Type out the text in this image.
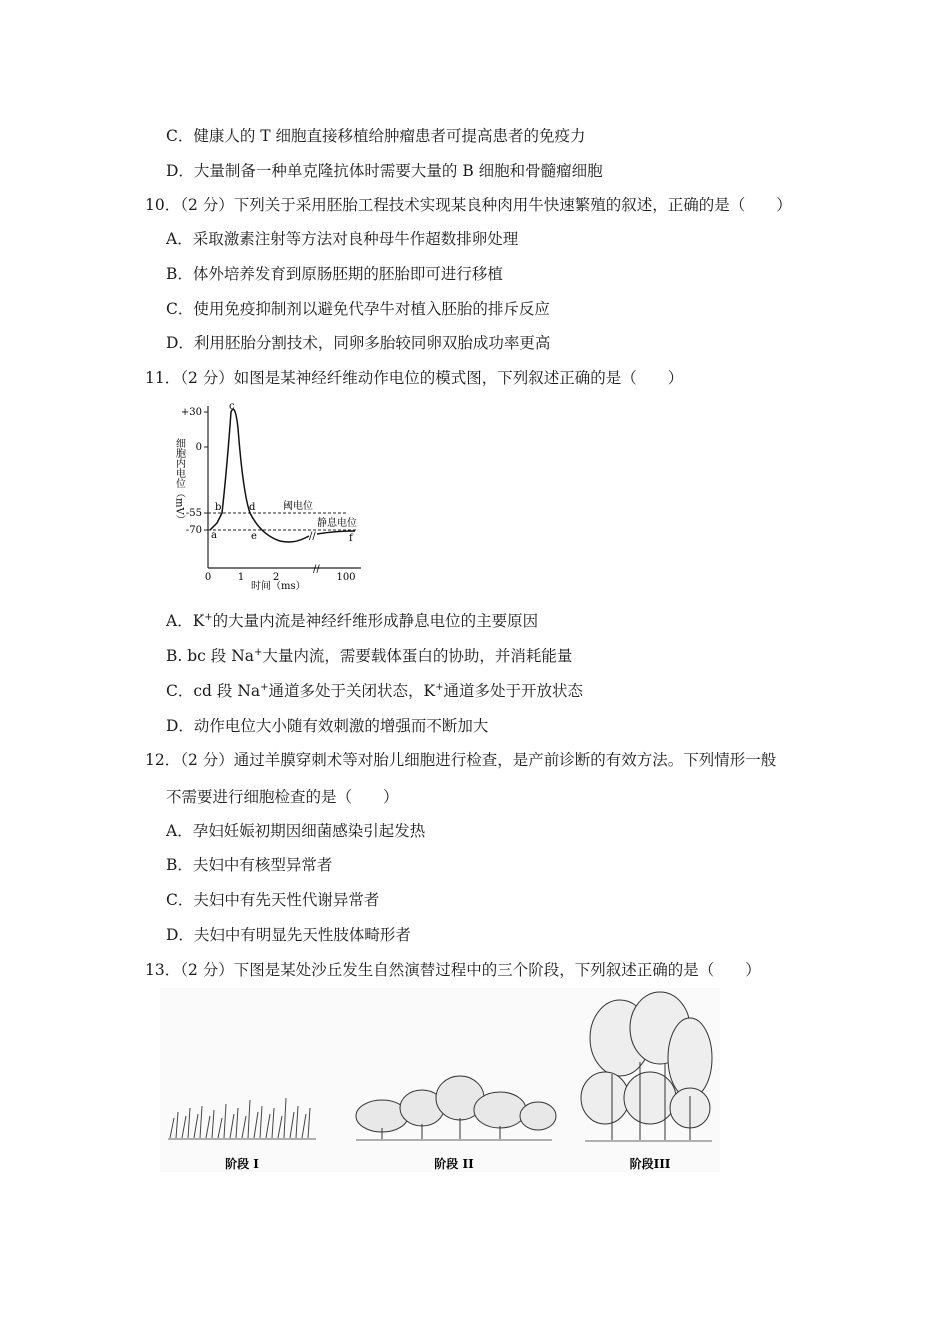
C．健康人的 T 细胞直接移植给肿瘤患者可提高患者的免疫力
D．大量制备一种单克隆抗体时需要大量的 B 细胞和骨髓瘤细胞
10．（2 分）下列关于采用胚胎工程技术实现某良种肉用牛快速繁殖的叙述，正确的是（　　）
A．采取激素注射等方法对良种母牛作超数排卵处理
B．体外培养发育到原肠胚期的胚胎即可进行移植
C．使用免疫抑制剂以避免代孕牛对植入胚胎的排斥反应
D．利用胚胎分割技术，同卵多胎较同卵双胎成功率更高
11．（2 分）如图是某神经纤维动作电位的模式图，下列叙述正确的是（　　）
+30
0
-55
-70
细胞内电位（mV）	阈电位
静息电位
//
//
a
b
c
d
e	f
0	1	2	100
时间（ms）
A．K+的大量内流是神经纤维形成静息电位的主要原因
B. bc 段 Na+大量内流，需要载体蛋白的协助，并消耗能量
C．cd 段 Na+通道多处于关闭状态，K+通道多处于开放状态
D．动作电位大小随有效刺激的增强而不断加大
12．（2 分）通过羊膜穿刺术等对胎儿细胞进行检查，是产前诊断的有效方法。下列情形一般
不需要进行细胞检查的是（　　）
A．孕妇妊娠初期因细菌感染引起发热
B．夫妇中有核型异常者
C．夫妇中有先天性代谢异常者
D．夫妇中有明显先天性肢体畸形者
13．（2 分）下图是某处沙丘发生自然演替过程中的三个阶段，下列叙述正确的是（　　）
阶段 I	阶段 II	阶段III
